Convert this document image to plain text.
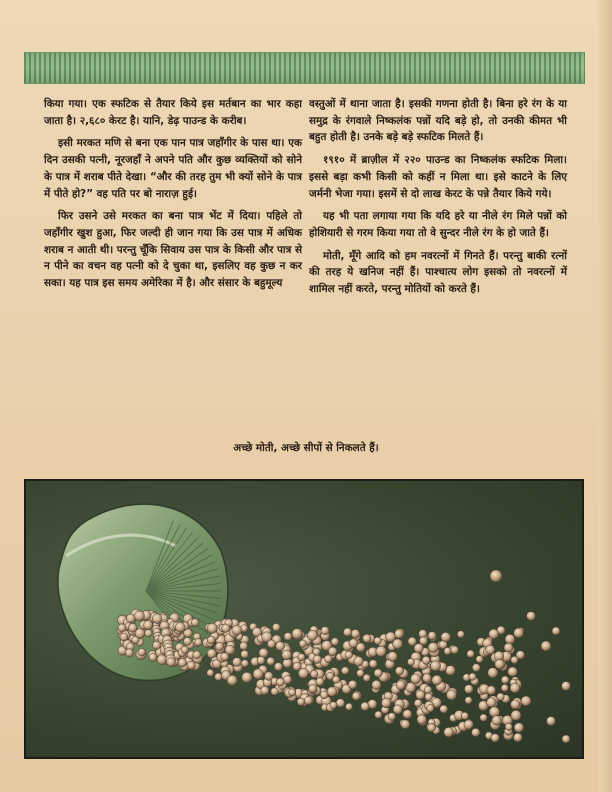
किया गया। एक स्फटिक से तैयार किये इस मर्तबान का भार कहा जाता है। २,६८० केरट है। यानि, डेढ़ पाउन्ड के करीब।

इसी मरकत मणि से बना एक पान पात्र जहाँगीर के पास था। एक दिन उसकी पत्नी, नूरजहाँ ने अपने पति और कुछ व्यक्तियों को सोने के पात्र में शराब पीते देखा। “और की तरह तुम भी क्यों सोने के पात्र में पीते हो?” वह पति पर बो नाराज़ हुई।

फिर उसने उसे मरकत का बना पात्र भेंट में दिया। पहिले तो जहाँगीर खुश हुआ, फिर जल्दी ही जान गया कि उस पात्र में अधिक शराब न आती थी। परन्तु चूँकि सिवाय उस पात्र के किसी और पात्र से न पीने का वचन वह पत्नी को दे चुका था, इसलिए वह कुछ न कर सका। यह पात्र इस समय अमेरिका में है। और संसार के बहुमूल्य

वस्तुओं में थाना जाता है। इसकी गणना होती है। बिना हरे रंग के या समुद्र के रंगवाले निष्कलंक पन्नों यदि बड़े हो, तो उनकी कीमत भी बहुत होती है। उनके बड़े बड़े स्फटिक मिलते हैं।

१९१० में ब्राज़ील में २२० पाउन्ड का निष्कलंक स्फटिक मिला। इससे बड़ा कभी किसी को कहीं न मिला था। इसे काटने के लिए जर्मनी भेजा गया। इसमें से दो लाख केरट के पन्ने तैयार किये गये।

यह भी पता लगाया गया कि यदि हरे या नीले रंग मिले पन्नों को होशियारी से गरम किया गया तो वे सुन्दर नीले रंग के हो जाते हैं।

मोती, मूँगे आदि को हम नवरत्नों में गिनते हैं। परन्तु बाकी रत्नों की तरह ये खनिज नहीं हैं। पाश्चात्य लोग इसको तो नवरत्नों में शामिल नहीं करते, परन्तु मोतियों को करते हैं।

अच्छे मोती, अच्छे सीपों से निकलते हैं।
